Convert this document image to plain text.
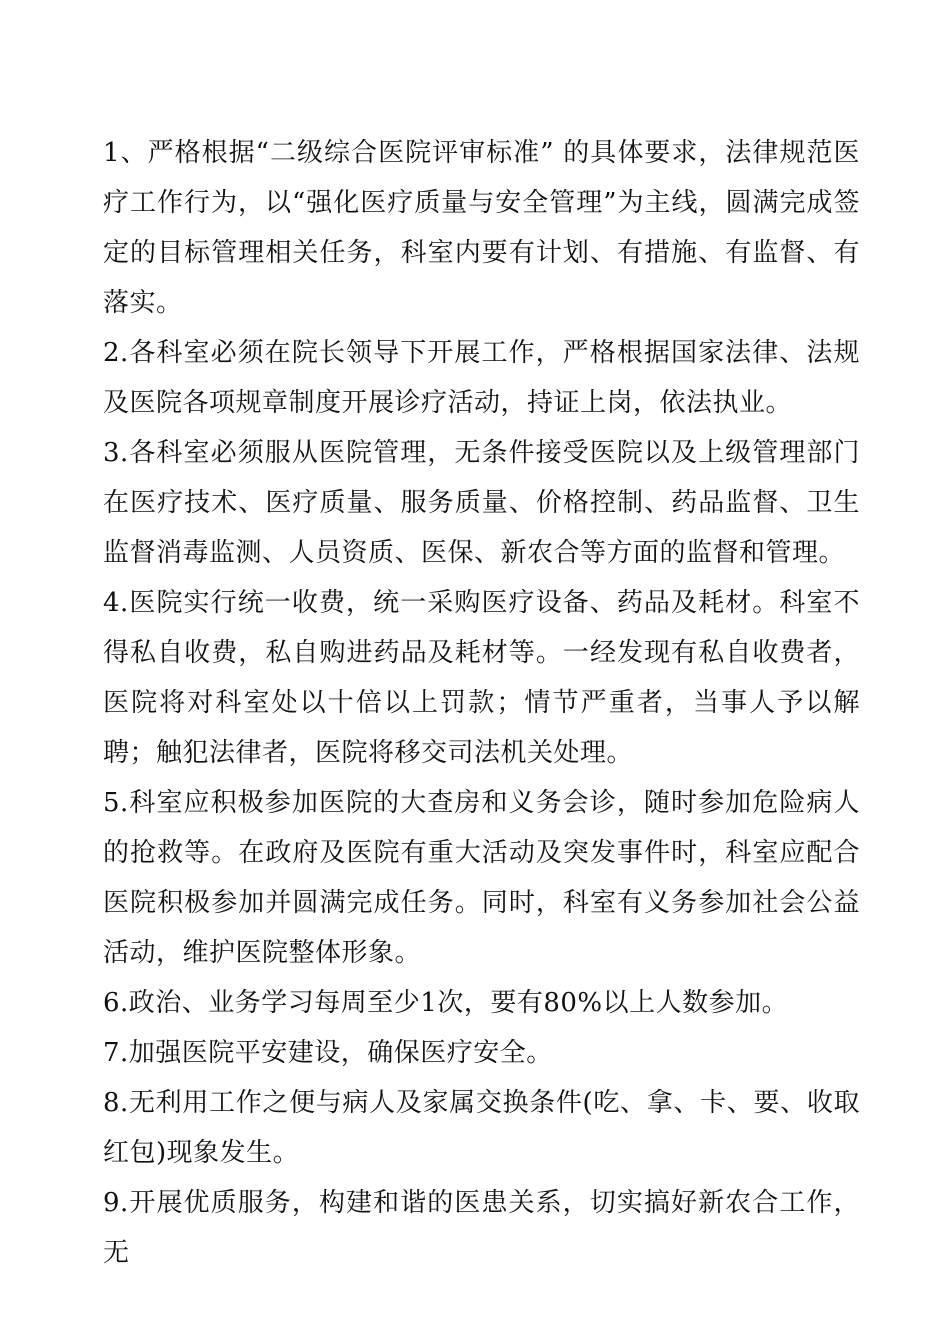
1、严格根据“二级综合医院评审标准” 的具体要求，法律规范医疗工作行为，以“强化医疗质量与安全管理”为主线，圆满完成签定的目标管理相关任务，科室内要有计划、有措施、有监督、有落实。

2.各科室必须在院长领导下开展工作，严格根据国家法律、法规及医院各项规章制度开展诊疗活动，持证上岗，依法执业。

3.各科室必须服从医院管理，无条件接受医院以及上级管理部门在医疗技术、医疗质量、服务质量、价格控制、药品监督、卫生监督消毒监测、人员资质、医保、新农合等方面的监督和管理。

4.医院实行统一收费，统一采购医疗设备、药品及耗材。科室不得私自收费，私自购进药品及耗材等。一经发现有私自收费者，医院将对科室处以十倍以上罚款；情节严重者，当事人予以解聘；触犯法律者，医院将移交司法机关处理。

5.科室应积极参加医院的大查房和义务会诊，随时参加危险病人的抢救等。在政府及医院有重大活动及突发事件时，科室应配合医院积极参加并圆满完成任务。同时，科室有义务参加社会公益活动，维护医院整体形象。

6.政治、业务学习每周至少1次，要有80%以上人数参加。

7.加强医院平安建设，确保医疗安全。

8.无利用工作之便与病人及家属交换条件(吃、拿、卡、要、收取红包)现象发生。

9.开展优质服务，构建和谐的医患关系，切实搞好新农合工作，无
